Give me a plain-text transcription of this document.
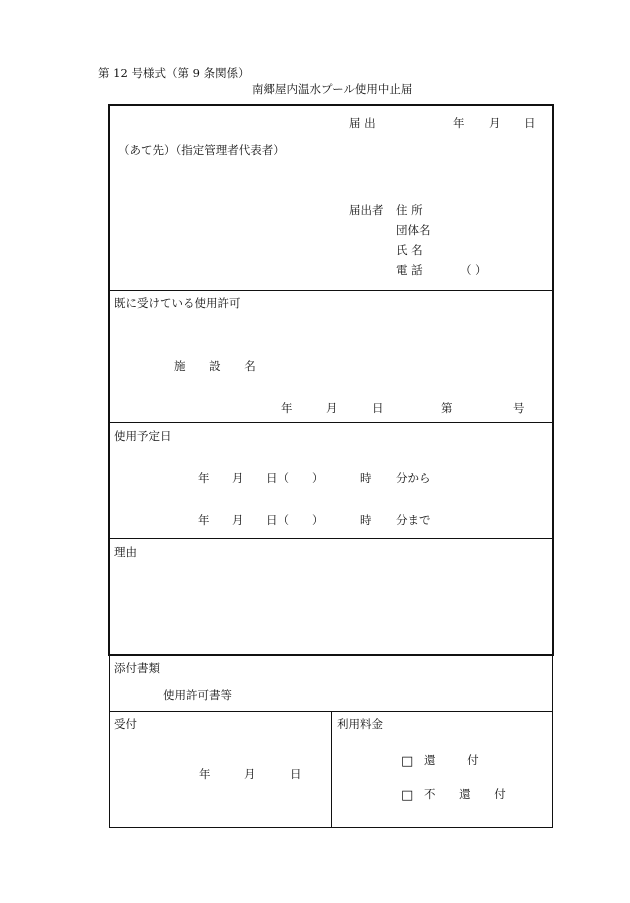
第 12 号様式（第 9 条関係）
南郷屋内温水プール使用中止届
届 出	年 月 日
（あて先）（指定管理者代表者）
届出者 住 所
団体名
氏 名
電 話	（ ）
既に受けている使用許可
施 設 名
年	月	日	第	号
使用予定日
年 月 日（ ）	時 分から
年 月 日（ ）	時 分まで
理由
添付書類
使用許可書等
受付
年	月	日
利用料金
□ 還 付
□ 不 還 付
